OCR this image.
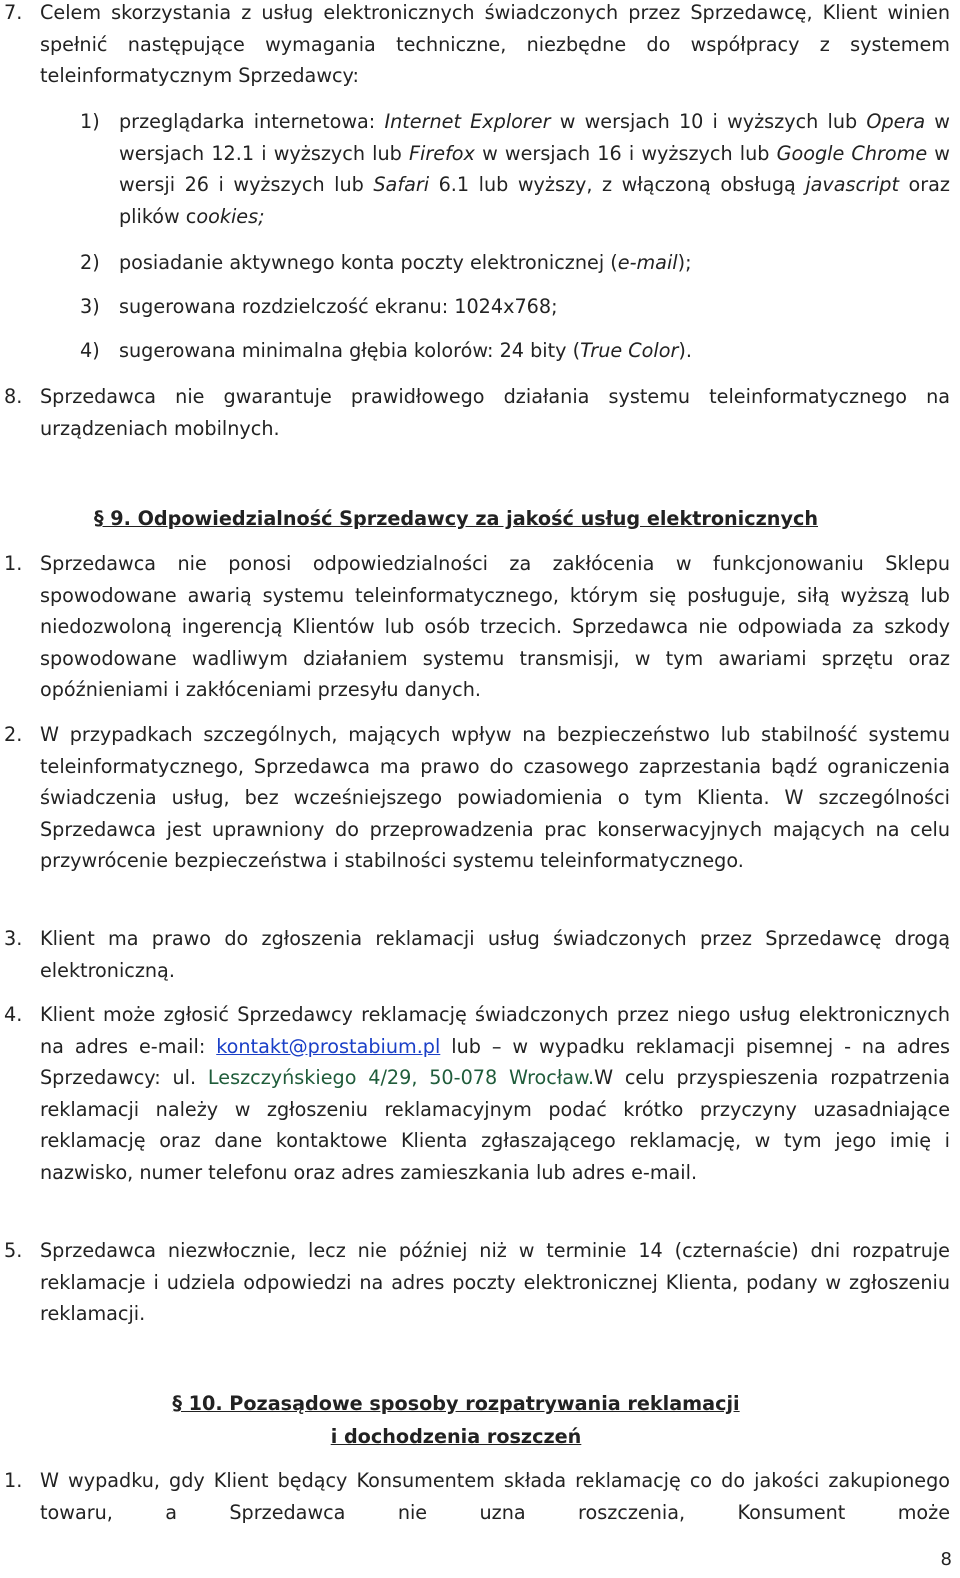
7. Celem skorzystania z usług elektronicznych świadczonych przez Sprzedawcę, Klient winien spełnić następujące wymagania techniczne, niezbędne do współpracy z systemem teleinformatycznym Sprzedawcy:
1) przeglądarka internetowa: Internet Explorer w wersjach 10 i wyższych lub Opera w wersjach 12.1 i wyższych lub Firefox w wersjach 16 i wyższych lub Google Chrome w wersji 26 i wyższych lub Safari 6.1 lub wyższy, z włączoną obsługą javascript oraz plików cookies;
2) posiadanie aktywnego konta poczty elektronicznej (e-mail);
3) sugerowana rozdzielczość ekranu: 1024x768;
4) sugerowana minimalna głębia kolorów: 24 bity (True Color).
8. Sprzedawca nie gwarantuje prawidłowego działania systemu teleinformatycznego na urządzeniach mobilnych.
§ 9. Odpowiedzialność Sprzedawcy za jakość usług elektronicznych
1. Sprzedawca nie ponosi odpowiedzialności za zakłócenia w funkcjonowaniu Sklepu spowodowane awarią systemu teleinformatycznego, którym się posługuje, siłą wyższą lub niedozwoloną ingerencją Klientów lub osób trzecich. Sprzedawca nie odpowiada za szkody spowodowane wadliwym działaniem systemu transmisji, w tym awariami sprzętu oraz opóźnieniami i zakłóceniami przesyłu danych.
2. W przypadkach szczególnych, mających wpływ na bezpieczeństwo lub stabilność systemu teleinformatycznego, Sprzedawca ma prawo do czasowego zaprzestania bądź ograniczenia świadczenia usług, bez wcześniejszego powiadomienia o tym Klienta. W szczególności Sprzedawca jest uprawniony do przeprowadzenia prac konserwacyjnych mających na celu przywrócenie bezpieczeństwa i stabilności systemu teleinformatycznego.
3. Klient ma prawo do zgłoszenia reklamacji usług świadczonych przez Sprzedawcę drogą elektroniczną.
4. Klient może zgłosić Sprzedawcy reklamację świadczonych przez niego usług elektronicznych na adres e-mail: kontakt@prostabium.pl lub – w wypadku reklamacji pisemnej - na adres Sprzedawcy: ul. Leszczyńskiego 4/29, 50-078 Wrocław.W celu przyspieszenia rozpatrzenia reklamacji należy w zgłoszeniu reklamacyjnym podać krótko przyczyny uzasadniające reklamację oraz dane kontaktowe Klienta zgłaszającego reklamację, w tym jego imię i nazwisko, numer telefonu oraz adres zamieszkania lub adres e-mail.
5. Sprzedawca niezwłocznie, lecz nie później niż w terminie 14 (czternaście) dni rozpatruje reklamacje i udziela odpowiedzi na adres poczty elektronicznej Klienta, podany w zgłoszeniu reklamacji.
§ 10. Pozasądowe sposoby rozpatrywania reklamacji
i dochodzenia roszczeń
1. W wypadku, gdy Klient będący Konsumentem składa reklamację co do jakości zakupionego towaru, a Sprzedawca nie uzna roszczenia, Konsument może
8
